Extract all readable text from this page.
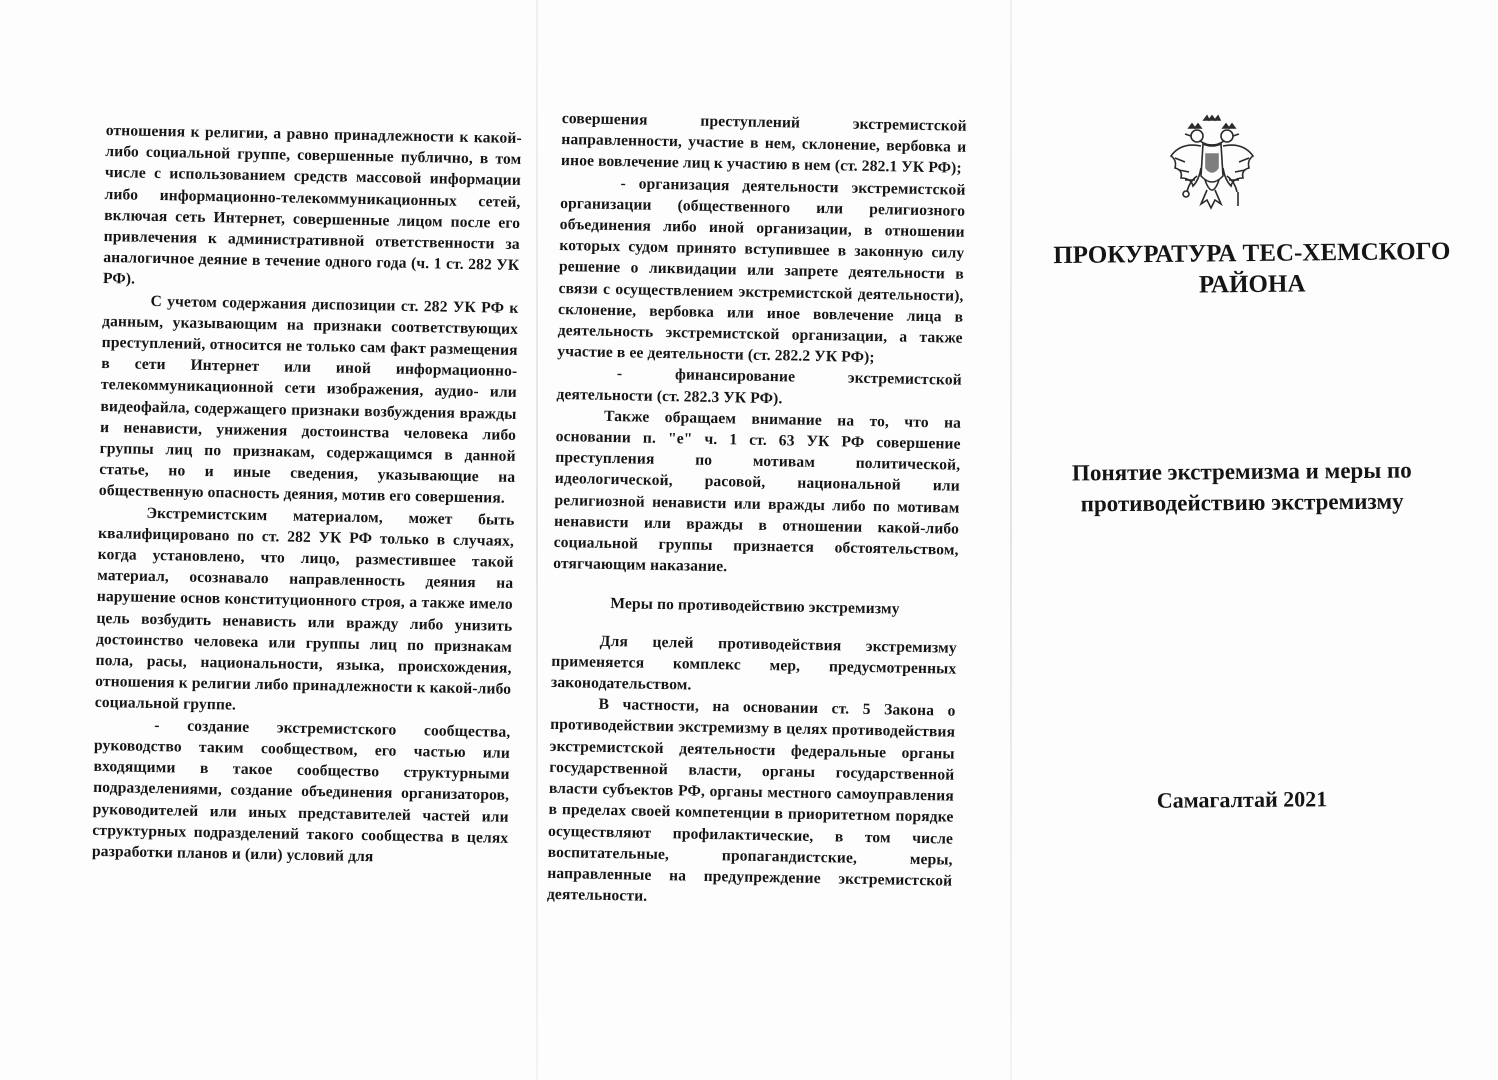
отношения к религии, а равно принадлежности к какой-либо социальной группе, совершенные публично, в том числе с использованием средств массовой информации либо информационно-телекоммуникационных сетей, включая сеть Интернет, совершенные лицом после его привлечения к административной ответственности за аналогичное деяние в течение одного года (ч. 1 ст. 282 УК РФ).

С учетом содержания диспозиции ст. 282 УК РФ к данным, указывающим на признаки соответствующих преступлений, относится не только сам факт размещения в сети Интернет или иной информационно-телекоммуникационной сети изображения, аудио- или видеофайла, содержащего признаки возбуждения вражды и ненависти, унижения достоинства человека либо группы лиц по признакам, содержащимся в данной статье, но и иные сведения, указывающие на общественную опасность деяния, мотив его совершения.

Экстремистским материалом, может быть квалифицировано по ст. 282 УК РФ только в случаях, когда установлено, что лицо, разместившее такой материал, осознавало направленность деяния на нарушение основ конституционного строя, а также имело цель возбудить ненависть или вражду либо унизить достоинство человека или группы лиц по признакам пола, расы, национальности, языка, происхождения, отношения к религии либо принадлежности к какой-либо социальной группе.

- создание экстремистского сообщества, руководство таким сообществом, его частью или входящими в такое сообщество структурными подразделениями, создание объединения организаторов, руководителей или иных представителей частей или структурных подразделений такого сообщества в целях разработки планов и (или) условий для

совершения преступлений экстремистской направленности, участие в нем, склонение, вербовка и иное вовлечение лиц к участию в нем (ст. 282.1 УК РФ);

- организация деятельности экстремистской организации (общественного или религиозного объединения либо иной организации, в отношении которых судом принято вступившее в законную силу решение о ликвидации или запрете деятельности в связи с осуществлением экстремистской деятельности), склонение, вербовка или иное вовлечение лица в деятельность экстремистской организации, а также участие в ее деятельности (ст. 282.2 УК РФ);

- финансирование экстремистской деятельности (ст. 282.3 УК РФ).

Также обращаем внимание на то, что на основании п. "е" ч. 1 ст. 63 УК РФ совершение преступления по мотивам политической, идеологической, расовой, национальной или религиозной ненависти или вражды либо по мотивам ненависти или вражды в отношении какой-либо социальной группы признается обстоятельством, отягчающим наказание.

Меры по противодействию экстремизму

Для целей противодействия экстремизму применяется комплекс мер, предусмотренных законодательством.

В частности, на основании ст. 5 Закона о противодействии экстремизму в целях противодействия экстремистской деятельности федеральные органы государственной власти, органы государственной власти субъектов РФ, органы местного самоуправления в пределах своей компетенции в приоритетном порядке осуществляют профилактические, в том числе воспитательные, пропагандистские, меры, направленные на предупреждение экстремистской деятельности.

ПРОКУРАТУРА ТЕС-ХЕМСКОГО РАЙОНА
Понятие экстремизма и меры по противодействию экстремизму
Самагалтай 2021
